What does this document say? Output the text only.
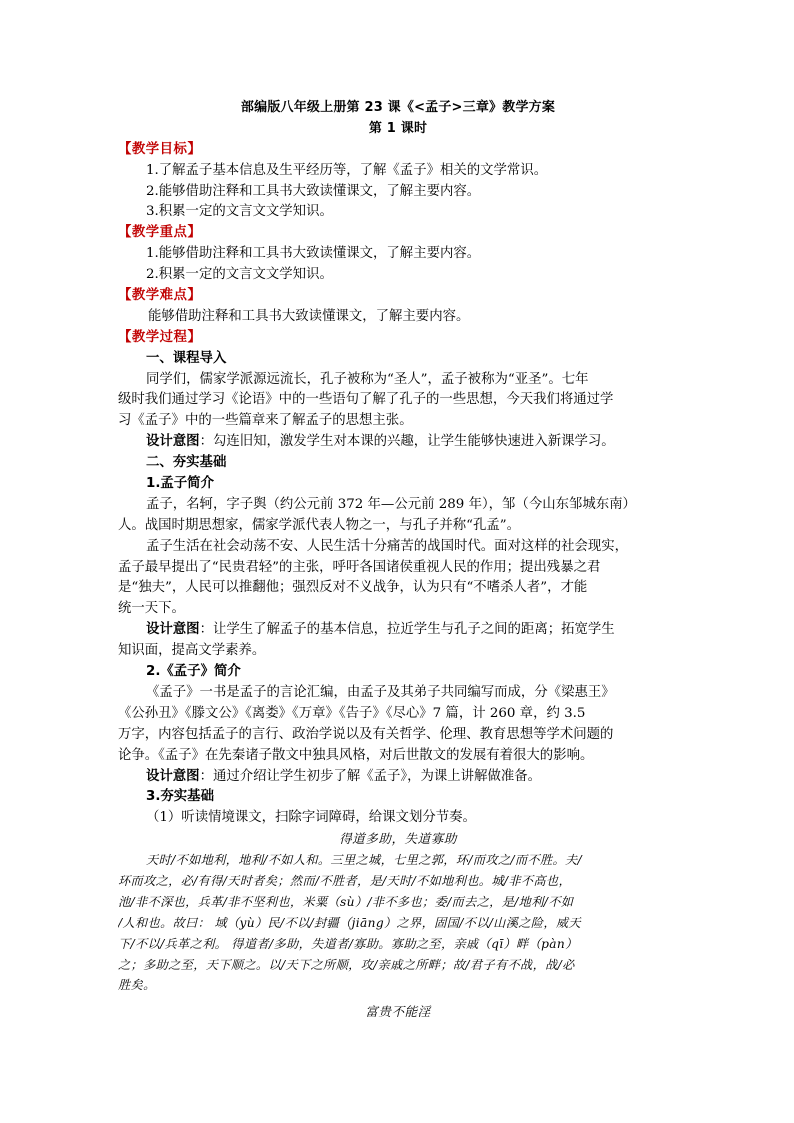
部编版八年级上册第 23 课《<孟子>三章》教学方案
第 1 课时
【教学目标】
1.了解孟子基本信息及生平经历等，了解《孟子》相关的文学常识。
2.能够借助注释和工具书大致读懂课文，了解主要内容。
3.积累一定的文言文文学知识。
【教学重点】
1.能够借助注释和工具书大致读懂课文，了解主要内容。
2.积累一定的文言文文学知识。
【教学难点】
能够借助注释和工具书大致读懂课文，了解主要内容。
【教学过程】
一、课程导入
同学们，儒家学派源远流长，孔子被称为“圣人”，孟子被称为“亚圣”。七年
级时我们通过学习《论语》中的一些语句了解了孔子的一些思想，今天我们将通过学
习《孟子》中的一些篇章来了解孟子的思想主张。
设计意图：勾连旧知，激发学生对本课的兴趣，让学生能够快速进入新课学习。
二、夯实基础
1.孟子简介
孟子，名轲，字子舆（约公元前 372 年—公元前 289 年），邹（今山东邹城东南）
人。战国时期思想家，儒家学派代表人物之一，与孔子并称“孔孟”。
孟子生活在社会动荡不安、人民生活十分痛苦的战国时代。面对这样的社会现实，
孟子最早提出了“民贵君轻”的主张，呼吁各国诸侯重视人民的作用；提出残暴之君
是“独夫”，人民可以推翻他；强烈反对不义战争，认为只有“不嗜杀人者”，才能
统一天下。
设计意图：让学生了解孟子的基本信息，拉近学生与孔子之间的距离；拓宽学生
知识面，提高文学素养。
2.《孟子》简介
《孟子》一书是孟子的言论汇编，由孟子及其弟子共同编写而成，分《梁惠王》
《公孙丑》《滕文公》《离娄》《万章》《告子》《尽心》7 篇，计 260 章，约 3.5
万字，内容包括孟子的言行、政治学说以及有关哲学、伦理、教育思想等学术问题的
论争。《孟子》在先秦诸子散文中独具风格，对后世散文的发展有着很大的影响。
设计意图：通过介绍让学生初步了解《孟子》，为课上讲解做准备。
3.夯实基础
（1）听读情境课文，扫除字词障碍，给课文划分节奏。
得道多助，失道寡助
天时/不如地利，地利/不如人和。三里之城，七里之郭，环/而攻之/而不胜。夫/
环而攻之，必/有得/天时者矣；然而/不胜者，是/天时/不如地利也。城/非不高也，
池/非不深也，兵革/非不坚利也，米粟（sù）/非不多也；委/而去之，是/地利/不如
/人和也。故曰： 域（yù）民/不以/封疆（jiāng）之界，固国/不以/山溪之险，威天
下/不以/兵革之利。 得道者/多助，失道者/寡助。寡助之至，亲戚（qī）畔（pàn）
之；多助之至，天下顺之。以/天下之所顺，攻/亲戚之所畔；故/君子有不战，战/必
胜矣。
富贵不能淫
